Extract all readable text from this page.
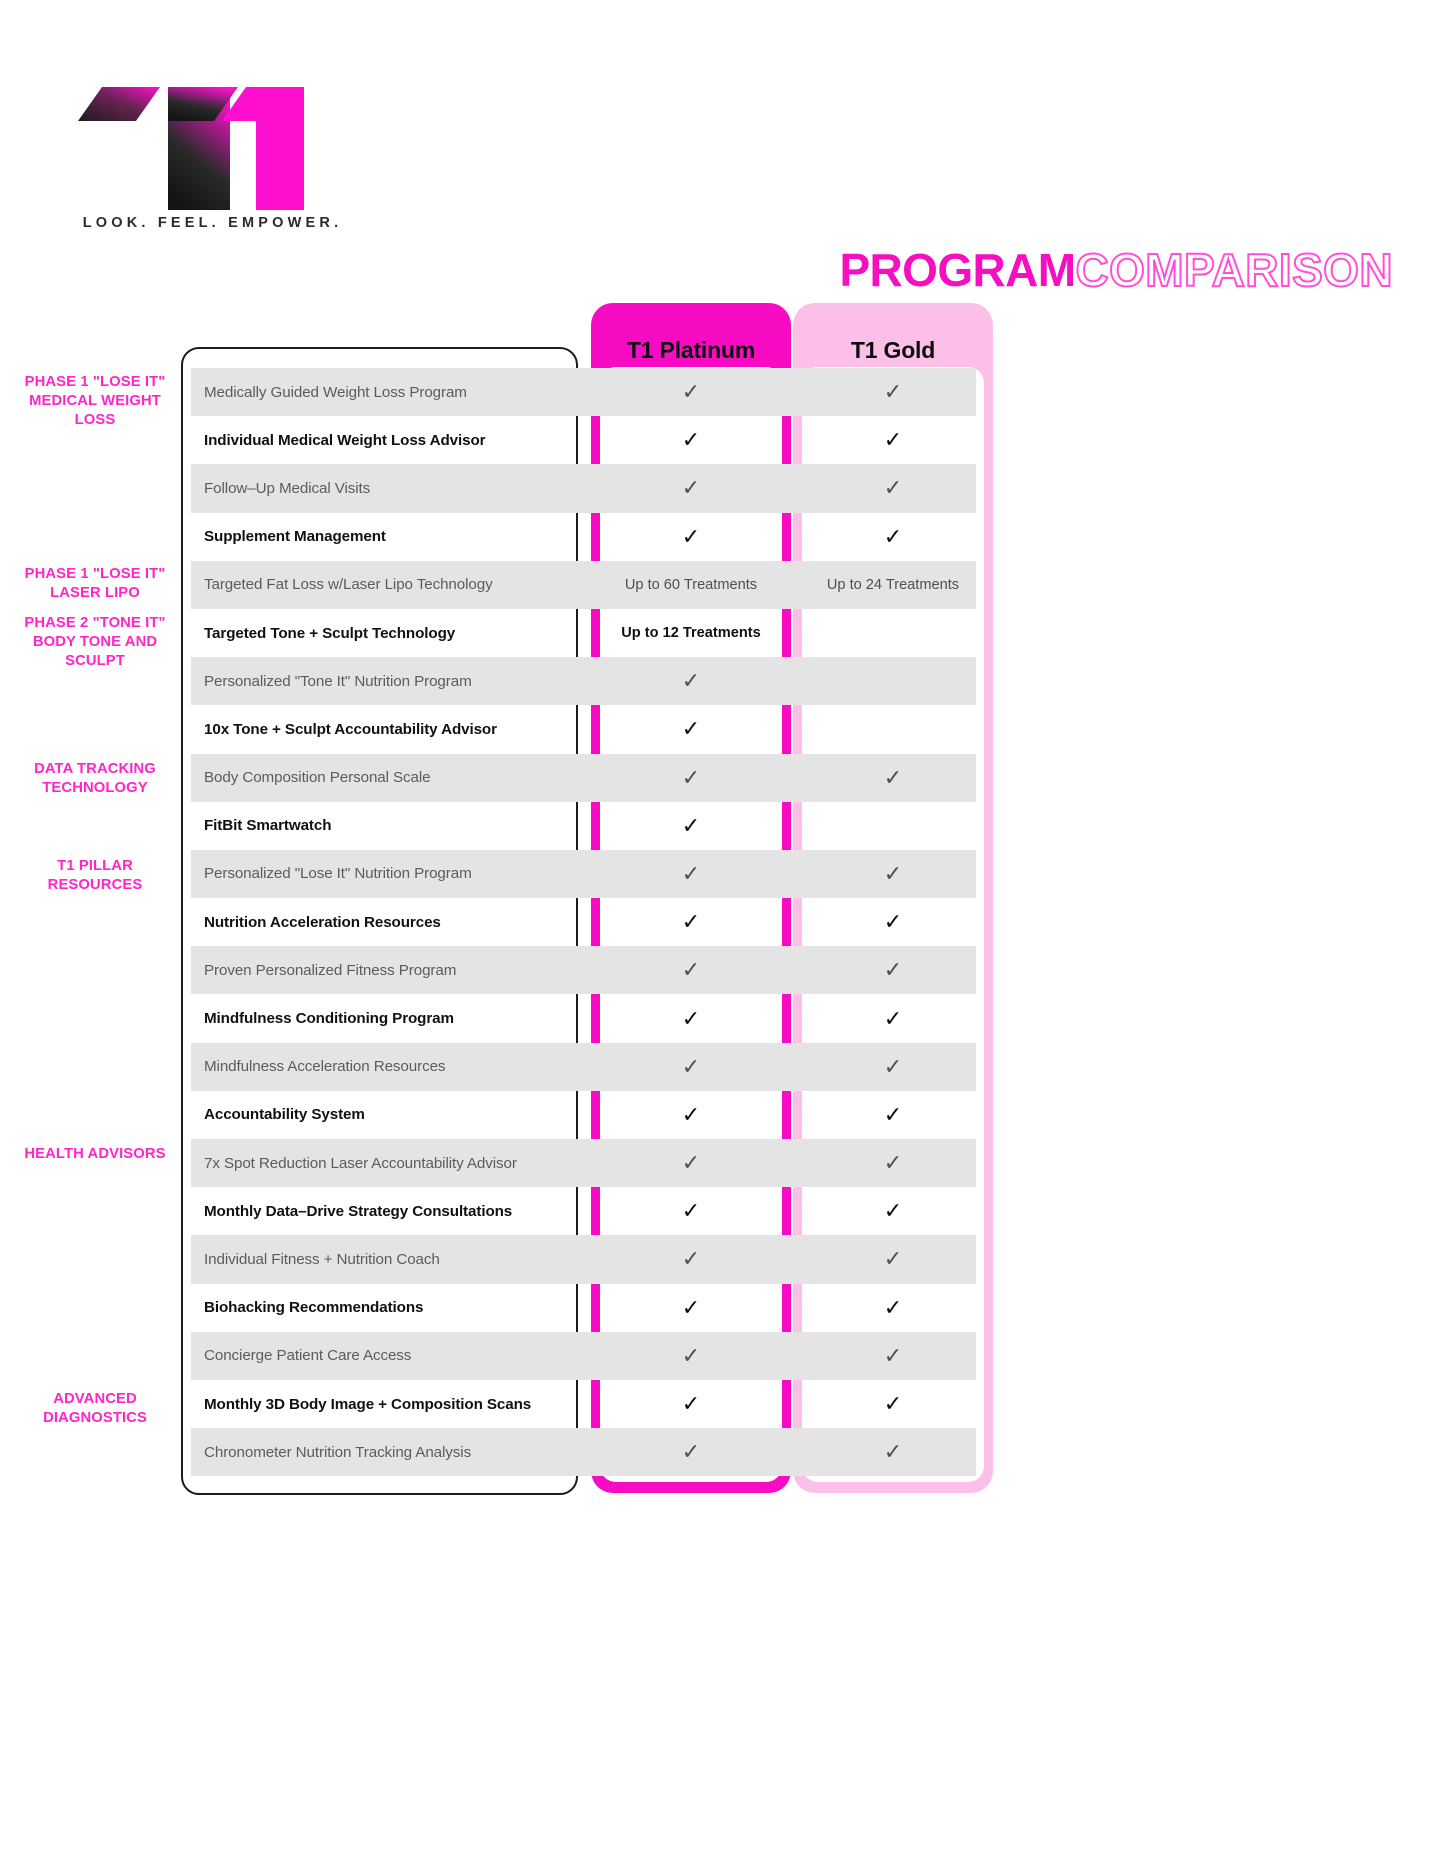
LOOK. FEEL. EMPOWER.
PROGRAM COMPARISON
T1 Platinum	T1 Gold
PHASE 1 "LOSE IT"
MEDICAL WEIGHT
LOSS
PHASE 1 "LOSE IT"
LASER LIPO
PHASE 2 "TONE IT"
BODY TONE AND
SCULPT
DATA TRACKING
TECHNOLOGY
T1 PILLAR
RESOURCES
HEALTH ADVISORS
ADVANCED
DIAGNOSTICS
Medically Guided Weight Loss Program	✓	✓
Individual Medical Weight Loss Advisor	✓	✓
Follow–Up Medical Visits	✓	✓
Supplement Management	✓	✓
Targeted Fat Loss w/Laser Lipo Technology	Up to 60 Treatments	Up to 24 Treatments
Targeted Tone + Sculpt Technology	Up to 12 Treatments
Personalized "Tone It" Nutrition Program	✓
10x Tone + Sculpt Accountability Advisor	✓
Body Composition Personal Scale	✓	✓
FitBit Smartwatch	✓
Personalized "Lose It" Nutrition Program	✓	✓
Nutrition Acceleration Resources	✓	✓
Proven Personalized Fitness Program	✓	✓
Mindfulness Conditioning Program	✓	✓
Mindfulness Acceleration Resources	✓	✓
Accountability System	✓	✓
7x Spot Reduction Laser Accountability Advisor	✓	✓
Monthly Data–Drive Strategy Consultations	✓	✓
Individual Fitness + Nutrition Coach	✓	✓
Biohacking Recommendations	✓	✓
Concierge Patient Care Access	✓	✓
Monthly 3D Body Image + Composition Scans	✓	✓
Chronometer Nutrition Tracking Analysis	✓	✓
